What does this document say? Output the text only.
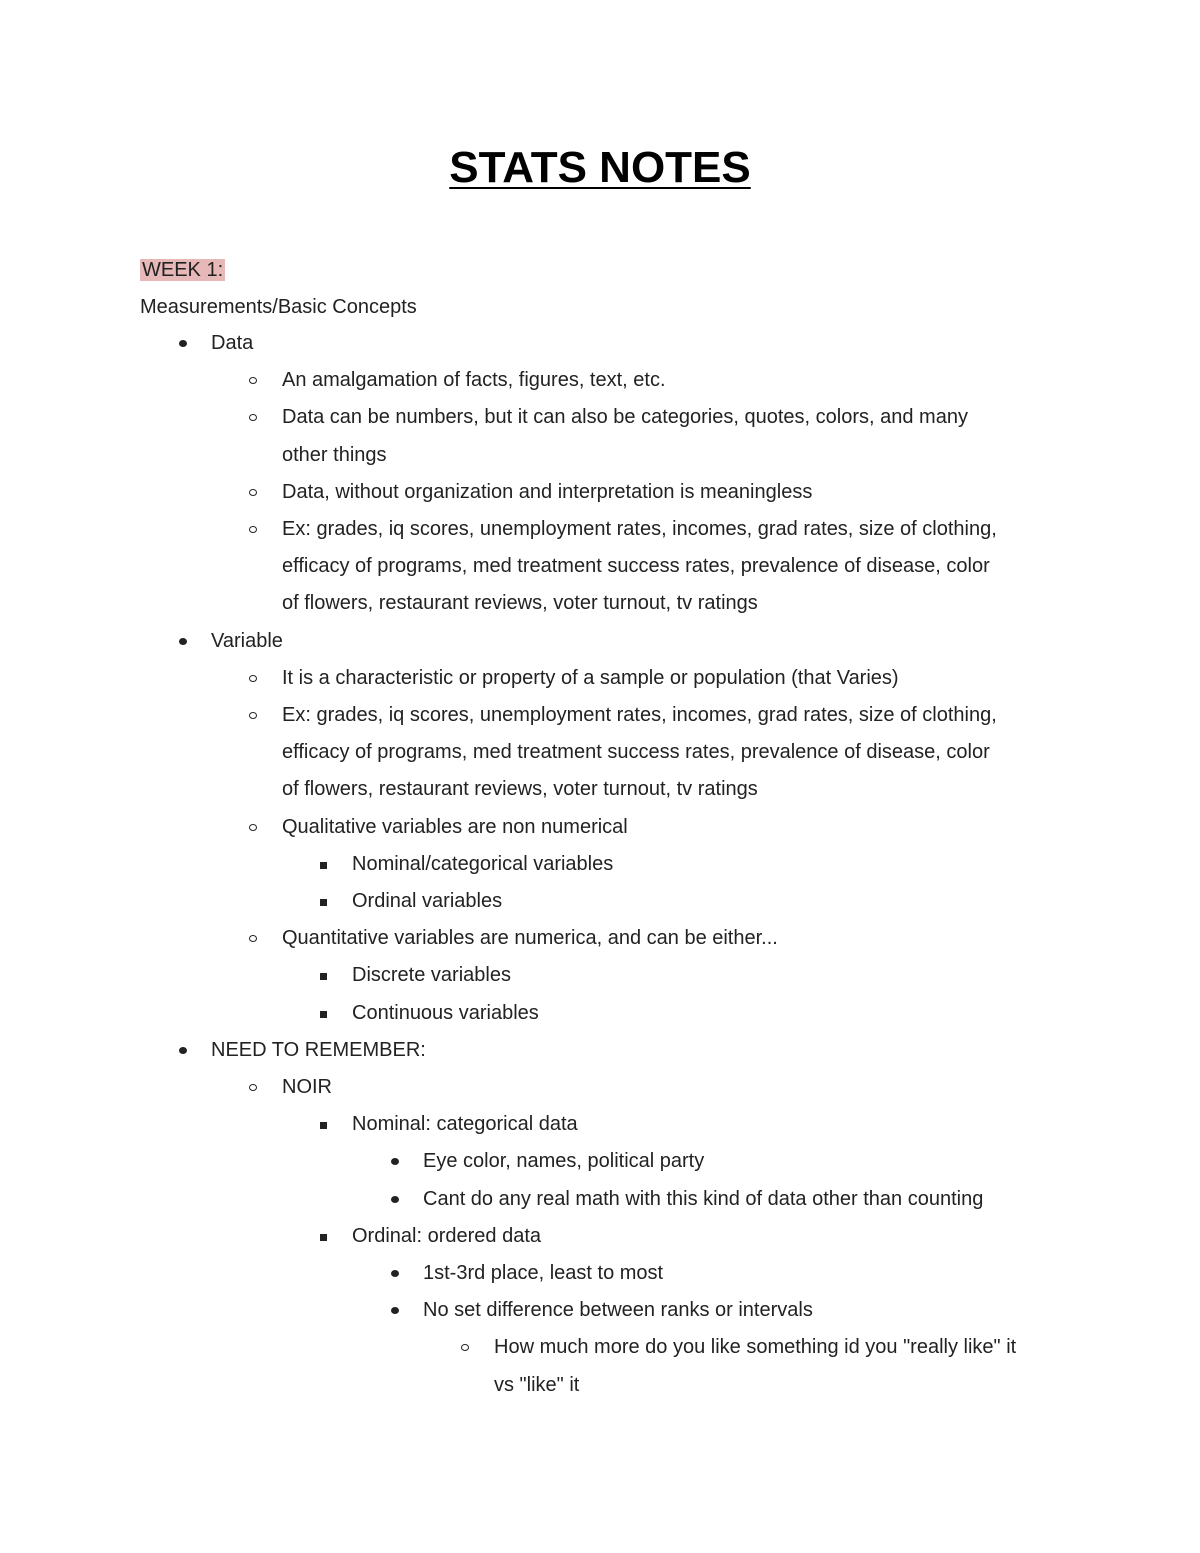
STATS NOTES
WEEK 1:
Measurements/Basic Concepts
Data
An amalgamation of facts, figures, text, etc.
Data can be numbers, but it can also be categories, quotes, colors, and many
other things
Data, without organization and interpretation is meaningless
Ex: grades, iq scores, unemployment rates, incomes, grad rates, size of clothing,
efficacy of programs, med treatment success rates, prevalence of disease, color
of flowers, restaurant reviews, voter turnout, tv ratings
Variable
It is a characteristic or property of a sample or population (that Varies)
Ex: grades, iq scores, unemployment rates, incomes, grad rates, size of clothing,
efficacy of programs, med treatment success rates, prevalence of disease, color
of flowers, restaurant reviews, voter turnout, tv ratings
Qualitative variables are non numerical
Nominal/categorical variables
Ordinal variables
Quantitative variables are numerica, and can be either...
Discrete variables
Continuous variables
NEED TO REMEMBER:
NOIR
Nominal: categorical data
Eye color, names, political party
Cant do any real math with this kind of data other than counting
Ordinal: ordered data
1st-3rd place, least to most
No set difference between ranks or intervals
How much more do you like something id you "really like" it
vs "like" it
